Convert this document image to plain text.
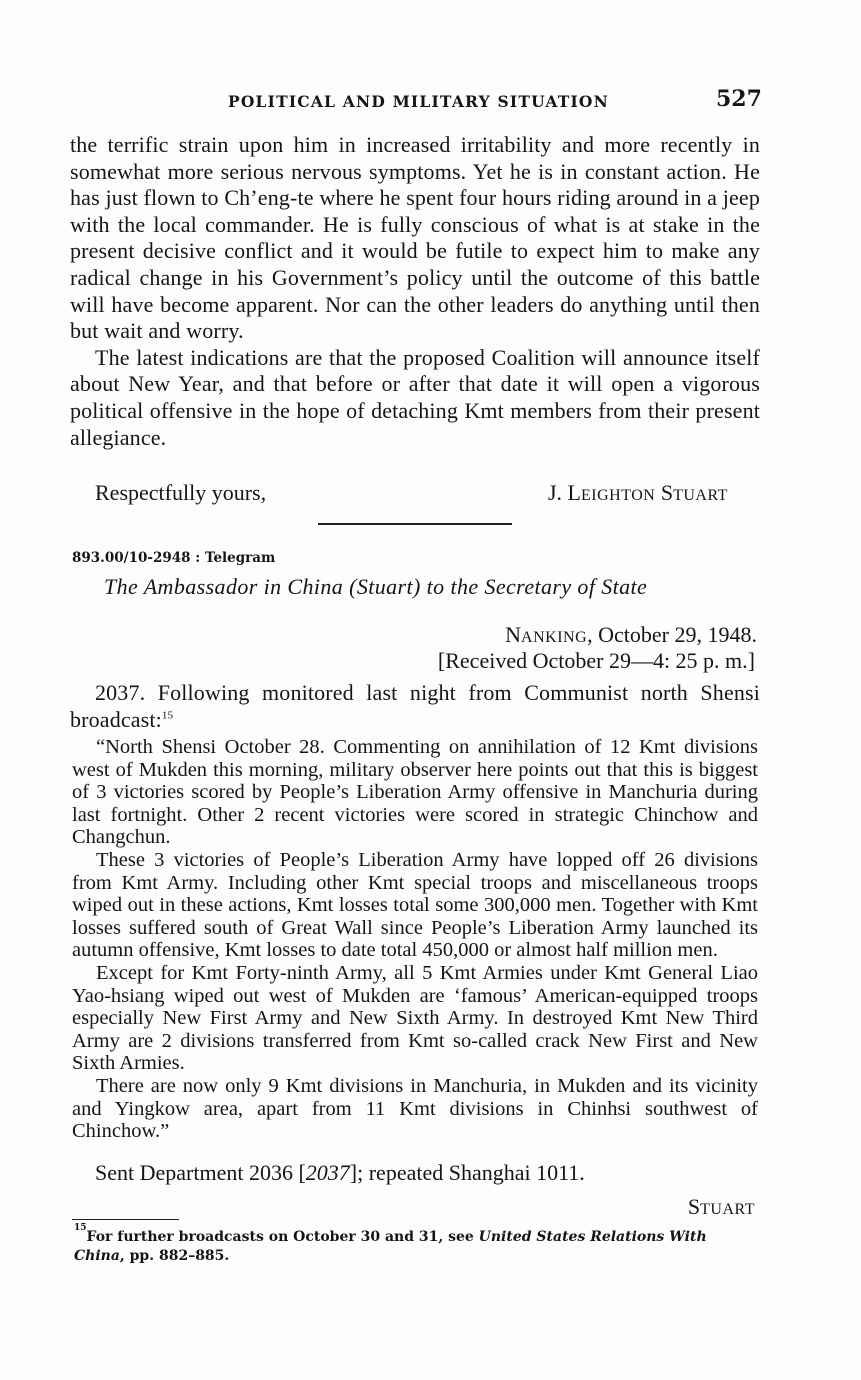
POLITICAL AND MILITARY SITUATION	527

the terrific strain upon him in increased irritability and more recently in somewhat more serious nervous symptoms. Yet he is in constant action. He has just flown to Ch’eng-te where he spent four hours riding around in a jeep with the local commander. He is fully conscious of what is at stake in the present decisive conflict and it would be futile to expect him to make any radical change in his Government’s policy until the outcome of this battle will have become apparent. Nor can the other leaders do anything until then but wait and worry.

The latest indications are that the proposed Coalition will announce itself about New Year, and that before or after that date it will open a vigorous political offensive in the hope of detaching Kmt members from their present allegiance.

Respectfully yours,	J. LEIGHTON STUART
893.00/10-2948 : Telegram
The Ambassador in China (Stuart) to the Secretary of State
NANKING, October 29, 1948.
[Received October 29—4: 25 p. m.]

2037. Following monitored last night from Communist north Shensi broadcast:$^{15}$

“North Shensi October 28. Commenting on annihilation of 12 Kmt divisions west of Mukden this morning, military observer here points out that this is biggest of 3 victories scored by People’s Liberation Army offensive in Manchuria during last fortnight. Other 2 recent victories were scored in strategic Chinchow and Changchun.

These 3 victories of People’s Liberation Army have lopped off 26 divisions from Kmt Army. Including other Kmt special troops and miscellaneous troops wiped out in these actions, Kmt losses total some 300,000 men. Together with Kmt losses suffered south of Great Wall since People’s Liberation Army launched its autumn offensive, Kmt losses to date total 450,000 or almost half million men.

Except for Kmt Forty-ninth Army, all 5 Kmt Armies under Kmt General Liao Yao-hsiang wiped out west of Mukden are ‘famous’ American-equipped troops especially New First Army and New Sixth Army. In destroyed Kmt New Third Army are 2 divisions transferred from Kmt so-called crack New First and New Sixth Armies.

There are now only 9 Kmt divisions in Manchuria, in Mukden and its vicinity and Yingkow area, apart from 11 Kmt divisions in Chinhsi southwest of Chinchow.”

Sent Department 2036 [2037]; repeated Shanghai 1011.
STUART
$^{15}$For further broadcasts on October 30 and 31, see United States Relations With China, pp. 882–885.
